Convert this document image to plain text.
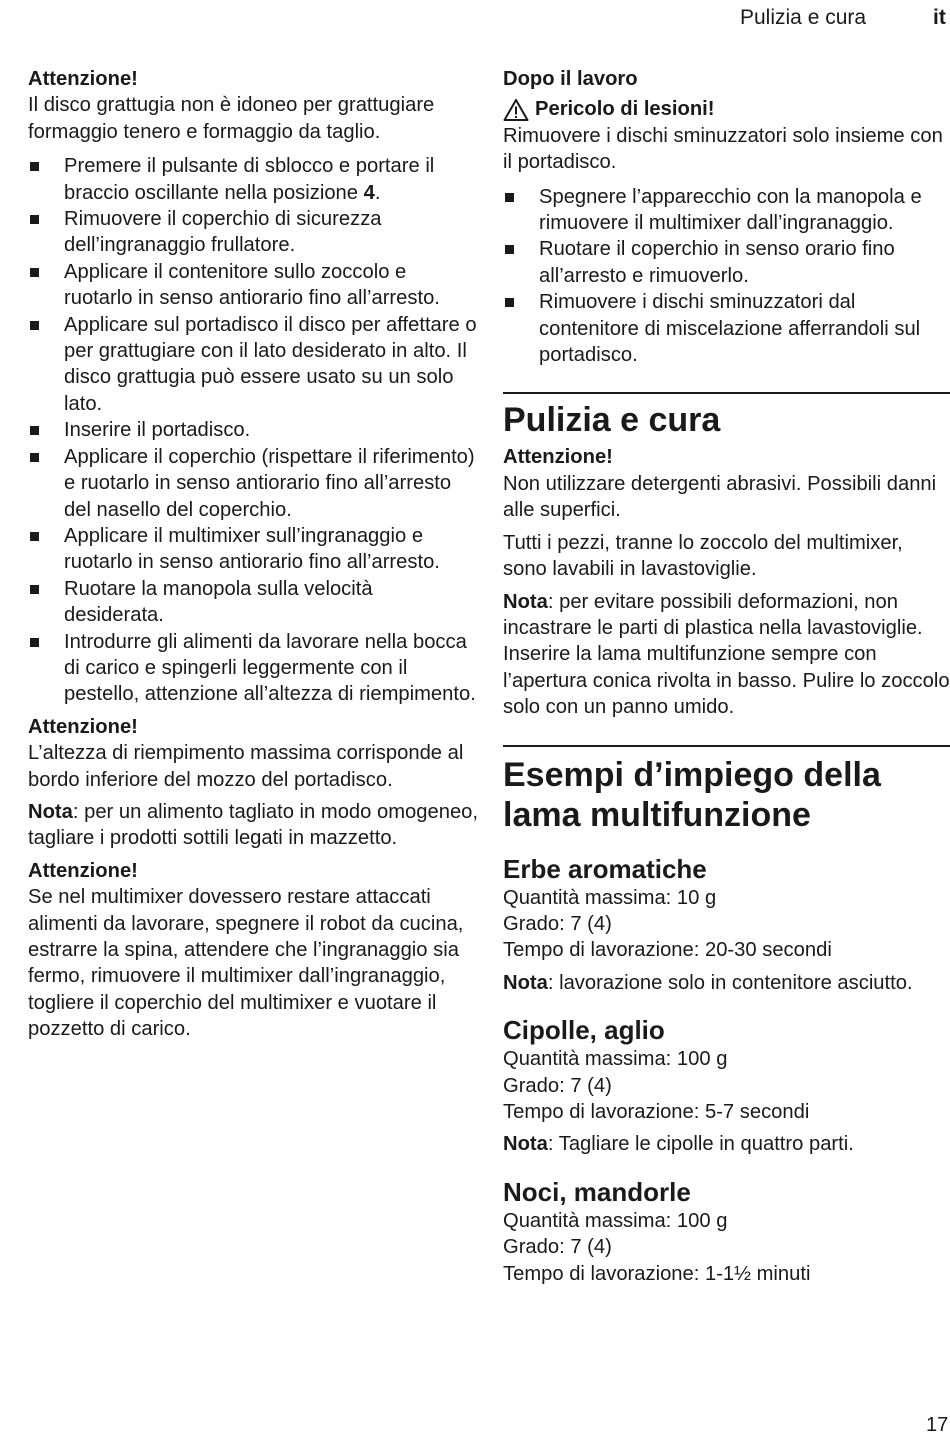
Pulizia e cura	it

Attenzione!

Il disco grattugia non è idoneo per grattugiare formaggio tenero e formaggio da taglio.

Premere il pulsante di sblocco e portare il braccio oscillante nella posizione 4.
Rimuovere il coperchio di sicurezza dell’ingranaggio frullatore.
Applicare il contenitore sullo zoccolo e ruotarlo in senso antiorario fino all’arresto.
Applicare sul portadisco il disco per affettare o per grattugiare con il lato desiderato in alto. Il disco grattugia può essere usato su un solo lato.
Inserire il portadisco.
Applicare il coperchio (rispettare il riferimento) e ruotarlo in senso antiorario fino all’arresto del nasello del coperchio.
Applicare il multimixer sull’ingranaggio e ruotarlo in senso antiorario fino all’arresto.
Ruotare la manopola sulla velocità desiderata.
Introdurre gli alimenti da lavorare nella bocca di carico e spingerli leggermente con il pestello, attenzione all’altezza di riempimento.

Attenzione!

L’altezza di riempimento massima corrisponde al bordo inferiore del mozzo del portadisco.

Nota: per un alimento tagliato in modo omogeneo, tagliare i prodotti sottili legati in mazzetto.

Attenzione!

Se nel multimixer dovessero restare attaccati alimenti da lavorare, spegnere il robot da cucina, estrarre la spina, attendere che l’ingranaggio sia fermo, rimuovere il multimixer dall’ingranaggio, togliere il coperchio del multimixer e vuotare il pozzetto di carico.

Dopo il lavoro

Pericolo di lesioni!

Rimuovere i dischi sminuzzatori solo insieme con il portadisco.

Spegnere l’apparecchio con la manopola e rimuovere il multimixer dall’ingranaggio.
Ruotare il coperchio in senso orario fino all’arresto e rimuoverlo.
Rimuovere i dischi sminuzzatori dal contenitore di miscelazione afferrandoli sul portadisco.
Pulizia e cura

Attenzione!

Non utilizzare detergenti abrasivi. Possibili danni alle superfici.

Tutti i pezzi, tranne lo zoccolo del multimixer, sono lavabili in lavastoviglie.

Nota: per evitare possibili deformazioni, non incastrare le parti di plastica nella lavastoviglie. Inserire la lama multifunzione sempre con l’apertura conica rivolta in basso. Pulire lo zoccolo solo con un panno umido.

Esempi d’impiego della lama multifunzione
Erbe aromatiche

Quantità massima: 10 g

Grado: 7 (4)

Tempo di lavorazione: 20-30 secondi

Nota: lavorazione solo in contenitore asciutto.

Cipolle, aglio

Quantità massima: 100 g

Grado: 7 (4)

Tempo di lavorazione: 5-7 secondi

Nota: Tagliare le cipolle in quattro parti.

Noci, mandorle

Quantità massima: 100 g

Grado: 7 (4)

Tempo di lavorazione: 1-1½ minuti

17
